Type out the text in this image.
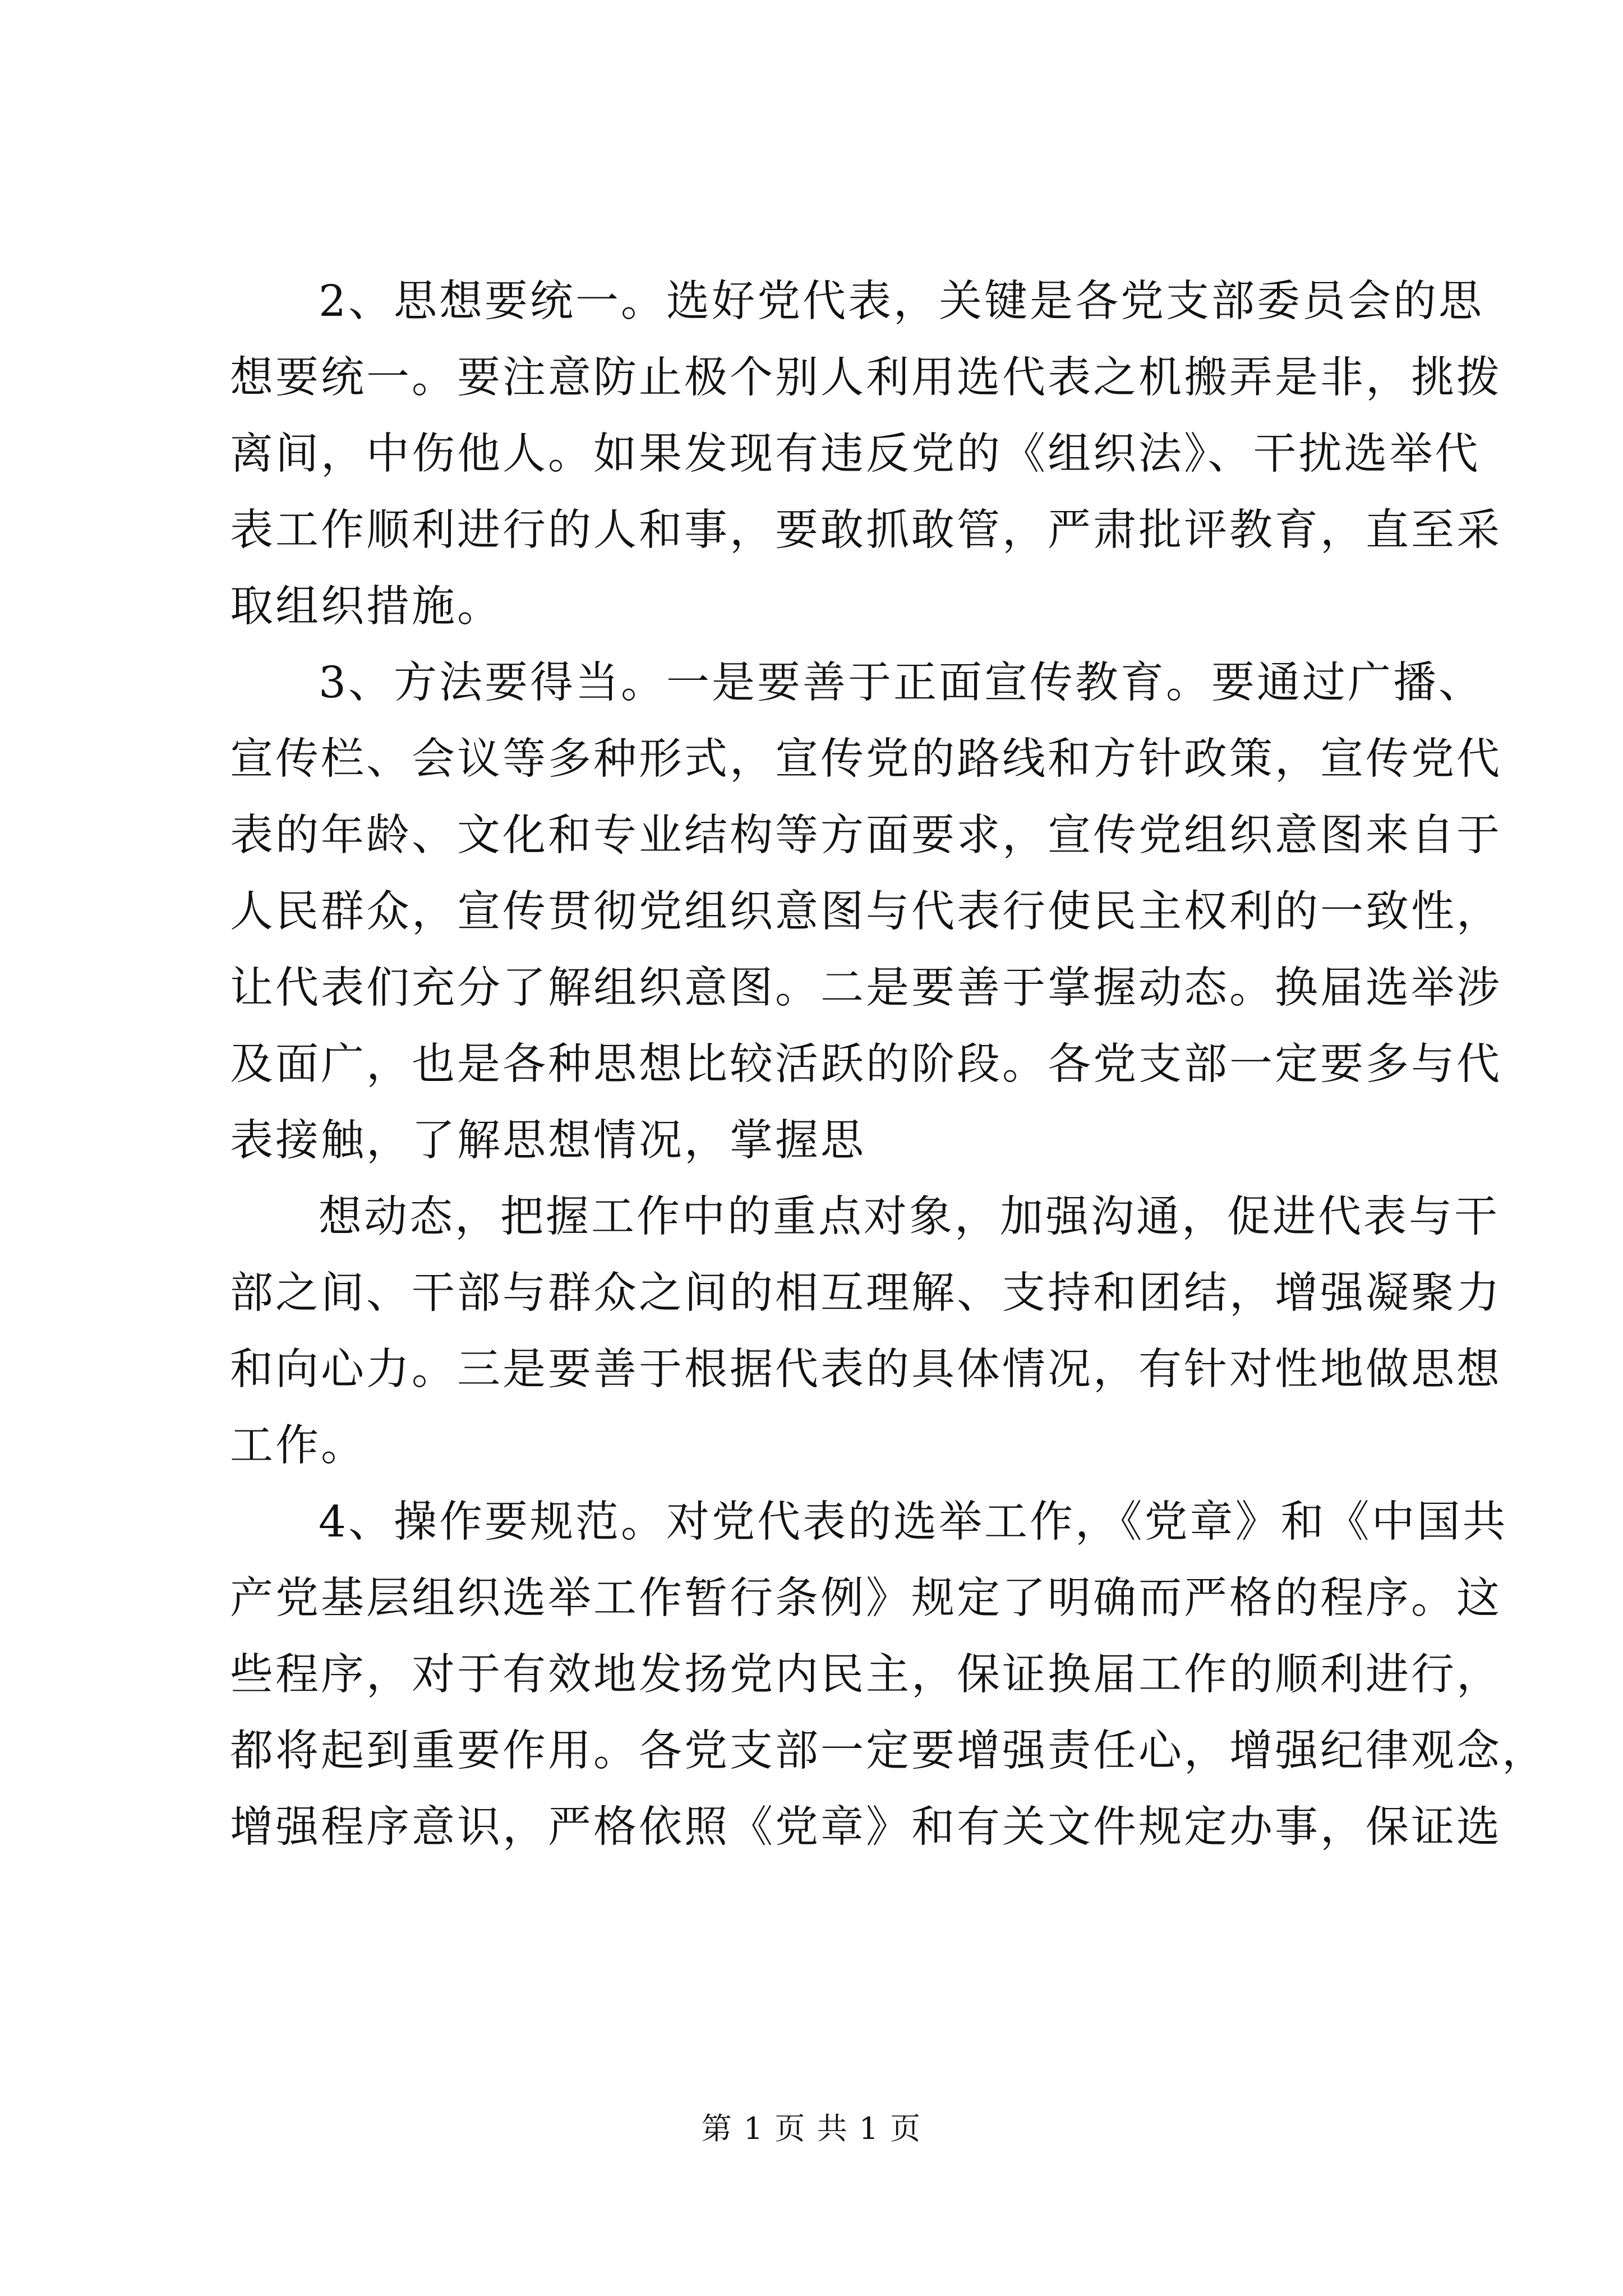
2、思想要统一。选好党代表，关键是各党支部委员会的思
想要统一。要注意防止极个别人利用选代表之机搬弄是非，挑拨
离间，中伤他人。如果发现有违反党的《组织法》、干扰选举代
表工作顺利进行的人和事，要敢抓敢管，严肃批评教育，直至采
取组织措施。
3、方法要得当。一是要善于正面宣传教育。要通过广播、
宣传栏、会议等多种形式，宣传党的路线和方针政策，宣传党代
表的年龄、文化和专业结构等方面要求，宣传党组织意图来自于
人民群众，宣传贯彻党组织意图与代表行使民主权利的一致性，
让代表们充分了解组织意图。二是要善于掌握动态。换届选举涉
及面广，也是各种思想比较活跃的阶段。各党支部一定要多与代
表接触，了解思想情况，掌握思
想动态，把握工作中的重点对象，加强沟通，促进代表与干
部之间、干部与群众之间的相互理解、支持和团结，增强凝聚力
和向心力。三是要善于根据代表的具体情况，有针对性地做思想
工作。
4、操作要规范。对党代表的选举工作，《党章》和《中国共
产党基层组织选举工作暂行条例》规定了明确而严格的程序。这
些程序，对于有效地发扬党内民主，保证换届工作的顺利进行，
都将起到重要作用。各党支部一定要增强责任心，增强纪律观念，
增强程序意识，严格依照《党章》和有关文件规定办事，保证选
第 1 页 共 1 页
